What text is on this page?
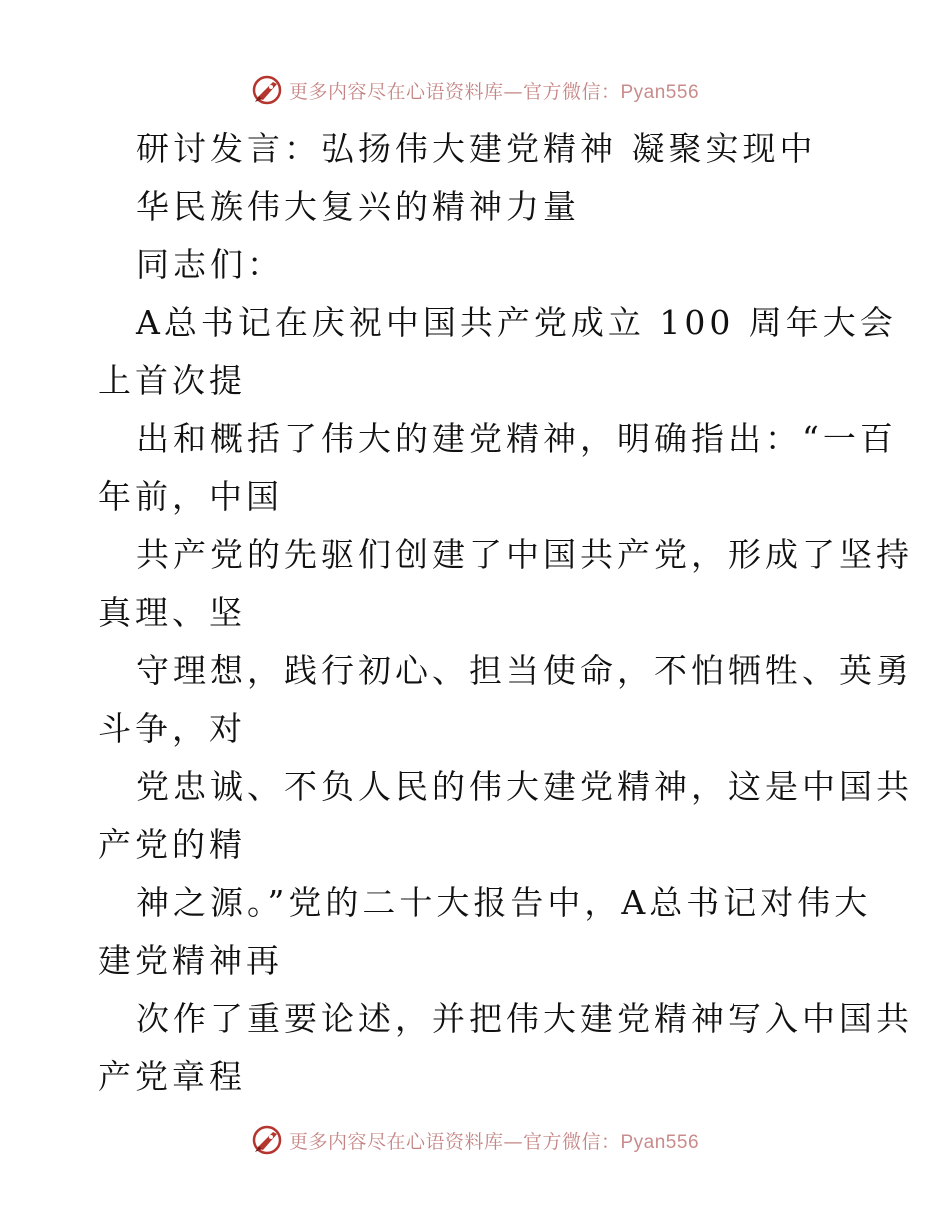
更多内容尽在心语资料库—官方微信：Pyan556
研讨发言：弘扬伟大建党精神 凝聚实现中
华民族伟大复兴的精神力量
同志们：
A总书记在庆祝中国共产党成立 100 周年大会
上首次提
出和概括了伟大的建党精神，明确指出：“一百
年前，中国
共产党的先驱们创建了中国共产党，形成了坚持
真理、坚
守理想，践行初心、担当使命，不怕牺牲、英勇
斗争，对
党忠诚、不负人民的伟大建党精神，这是中国共
产党的精
神之源。”党的二十大报告中，A总书记对伟大
建党精神再
次作了重要论述，并把伟大建党精神写入中国共
产党章程
更多内容尽在心语资料库—官方微信：Pyan556
